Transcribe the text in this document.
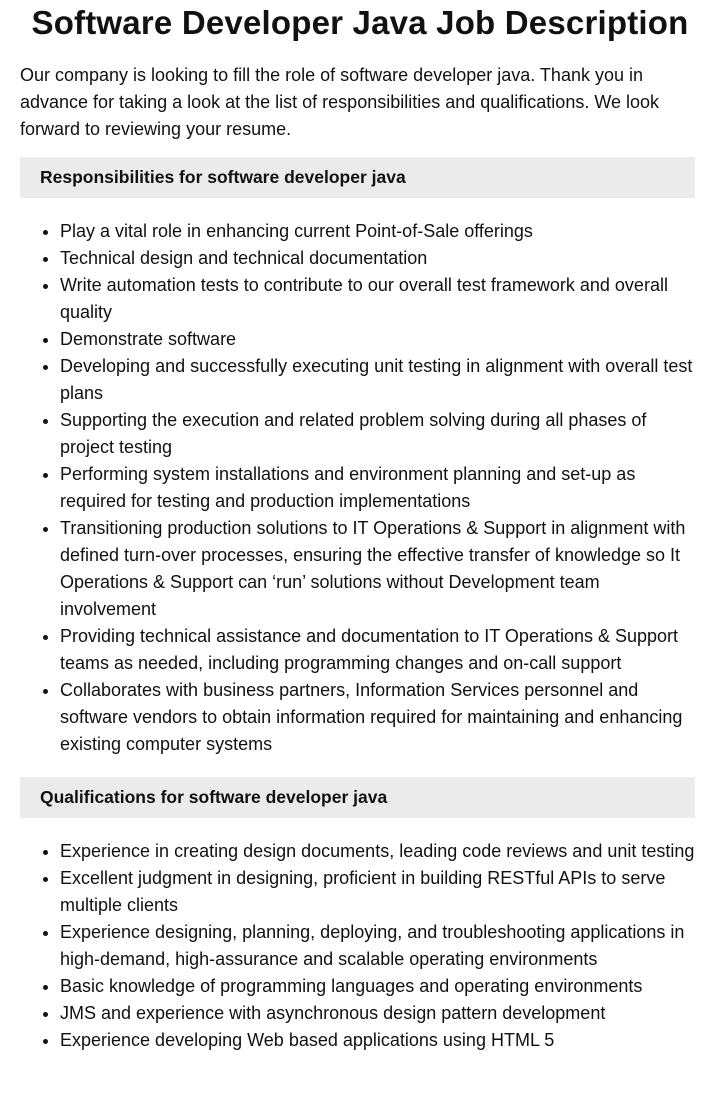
Software Developer Java Job Description

Our company is looking to fill the role of software developer java. Thank you in advance for taking a look at the list of responsibilities and qualifications. We look forward to reviewing your resume.

Responsibilities for software developer java
• Play a vital role in enhancing current Point-of-Sale offerings
• Technical design and technical documentation
• Write automation tests to contribute to our overall test framework and overall quality
• Demonstrate software
• Developing and successfully executing unit testing in alignment with overall test plans
• Supporting the execution and related problem solving during all phases of project testing
• Performing system installations and environment planning and set-up as required for testing and production implementations
• Transitioning production solutions to IT Operations & Support in alignment with defined turn-over processes, ensuring the effective transfer of knowledge so It Operations & Support can ‘run’ solutions without Development team involvement
• Providing technical assistance and documentation to IT Operations & Support teams as needed, including programming changes and on-call support
• Collaborates with business partners, Information Services personnel and software vendors to obtain information required for maintaining and enhancing existing computer systems
Qualifications for software developer java
• Experience in creating design documents, leading code reviews and unit testing
• Excellent judgment in designing, proficient in building RESTful APIs to serve multiple clients
• Experience designing, planning, deploying, and troubleshooting applications in high-demand, high-assurance and scalable operating environments
• Basic knowledge of programming languages and operating environments
• JMS and experience with asynchronous design pattern development
• Experience developing Web based applications using HTML 5
